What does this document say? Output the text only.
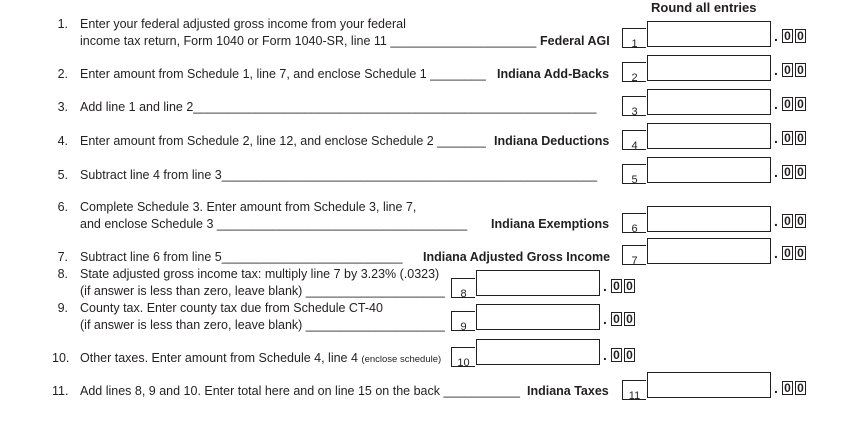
Round all entries
1. Enter your federal adjusted gross income from your federal
income tax return, Form 1040 or Form 1040-SR, line 11 _____________________ Federal AGI	1	. 0 0
2. Enter amount from Schedule 1, line 7, and enclose Schedule 1 ________ Indiana Add-Backs	2	. 0 0
3. Add line 1 and line 2__________________________________________________________	3	. 0 0
4. Enter amount from Schedule 2, line 12, and enclose Schedule 2 _______ Indiana Deductions	4	. 0 0
5. Subtract line 4 from line 3______________________________________________________	5	. 0 0
6. Complete Schedule 3. Enter amount from Schedule 3, line 7,
and enclose Schedule 3 ____________________________________ Indiana Exemptions	6	. 0 0
7. Subtract line 6 from line 5__________________________ Indiana Adjusted Gross Income	7	. 0 0
8. State adjusted gross income tax: multiply line 7 by 3.23% (.0323)
(if answer is less than zero, leave blank) ____________________	8	. 0 0
9. County tax. Enter county tax due from Schedule CT-40
(if answer is less than zero, leave blank) ____________________	9	. 0 0
10. Other taxes. Enter amount from Schedule 4, line 4 (enclose schedule)	10	. 0 0
11. Add lines 8, 9 and 10. Enter total here and on line 15 on the back ___________ Indiana Taxes	11	. 0 0
